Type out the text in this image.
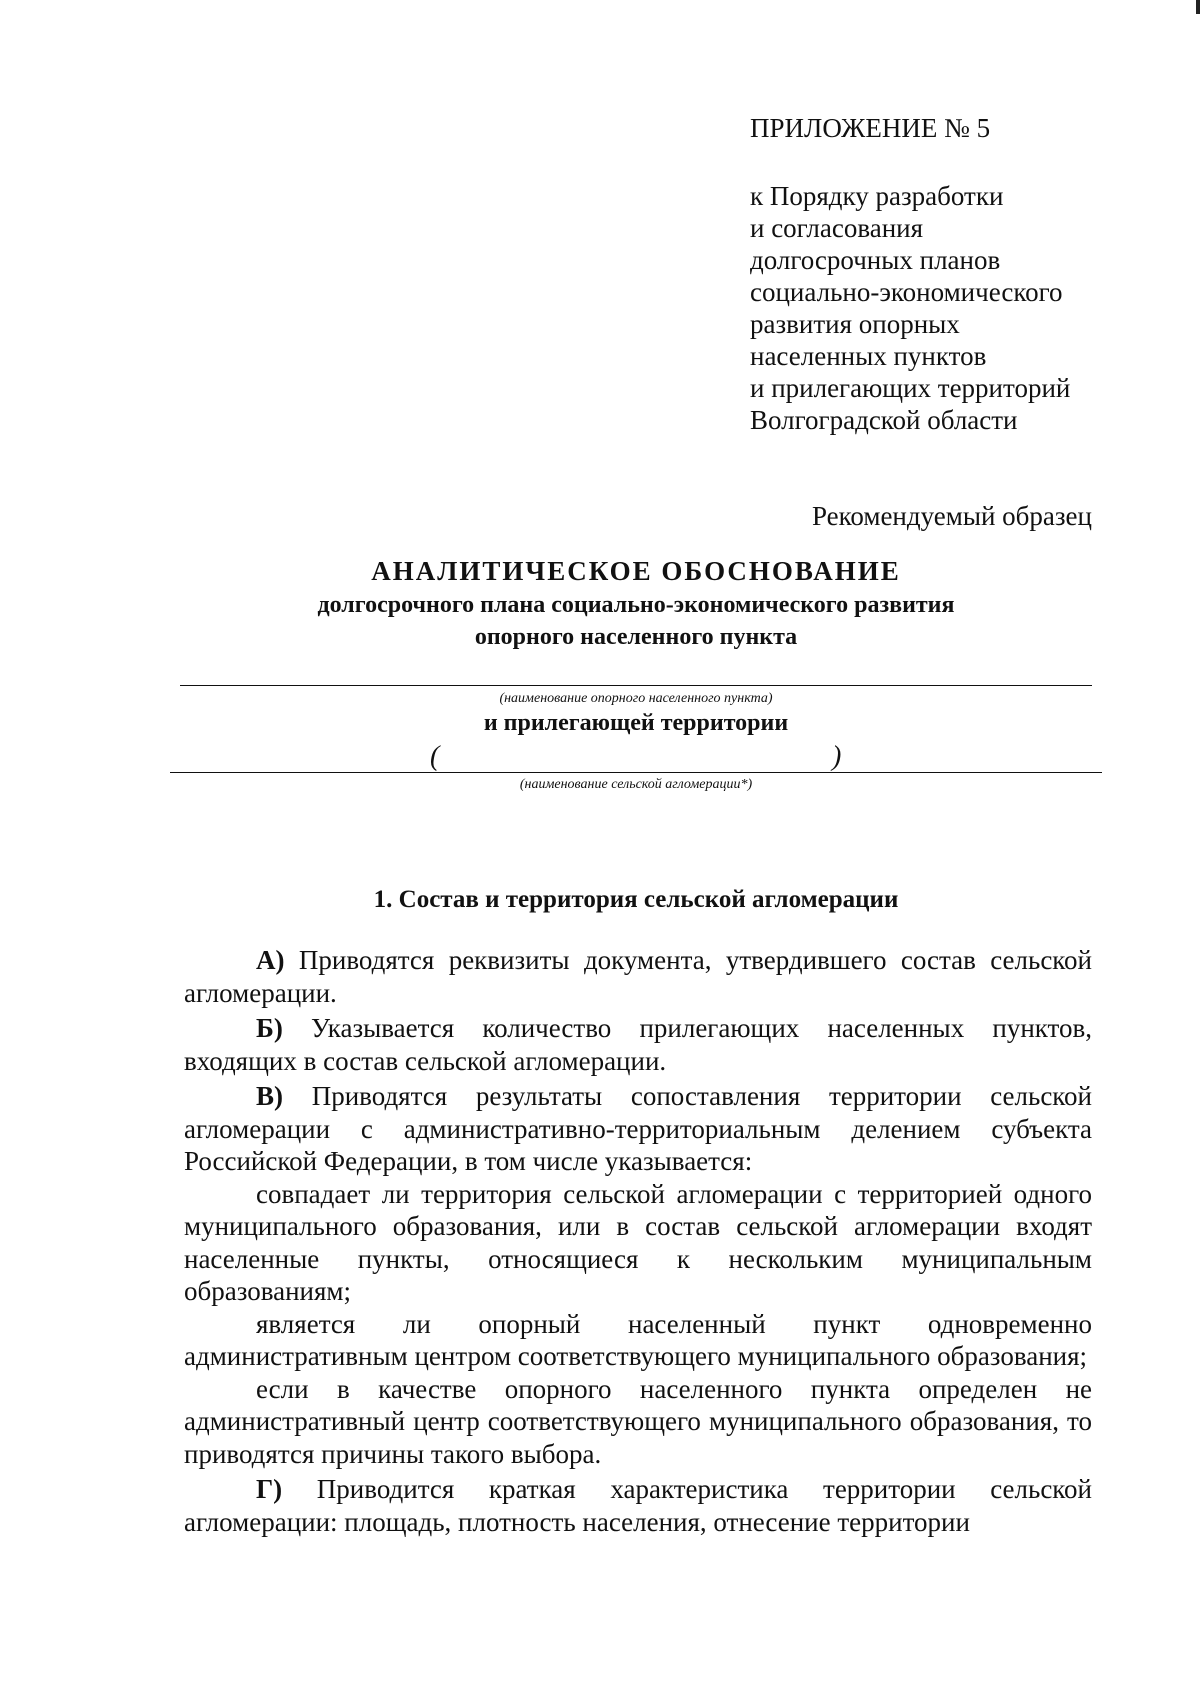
ПРИЛОЖЕНИЕ № 5
к Порядку разработки
и согласования
долгосрочных планов
социально-экономического
развития опорных
населенных пунктов
и прилегающих территорий
Волгоградской области
Рекомендуемый образец
АНАЛИТИЧЕСКОЕ ОБОСНОВАНИЕ
долгосрочного плана социально-экономического развития
опорного населенного пункта
(наименование опорного населенного пункта)
и прилегающей территории
(	)
(наименование сельской агломерации*)
1. Состав и территория сельской агломерации

А) Приводятся реквизиты документа, утвердившего состав сельской агломерации.

Б) Указывается количество прилегающих населенных пунктов, входящих в состав сельской агломерации.

В) Приводятся результаты сопоставления территории сельской агломерации с административно-территориальным делением субъекта Российской Федерации, в том числе указывается:

совпадает ли территория сельской агломерации с территорией одного муниципального образования, или в состав сельской агломерации входят населенные пункты, относящиеся к нескольким муниципальным образованиям;

является ли опорный населенный пункт одновременно административным центром соответствующего муниципального образования;

если в качестве опорного населенного пункта определен не административный центр соответствующего муниципального образования, то приводятся причины такого выбора.

Г) Приводится краткая характеристика территории сельской агломерации: площадь, плотность населения, отнесение территории
